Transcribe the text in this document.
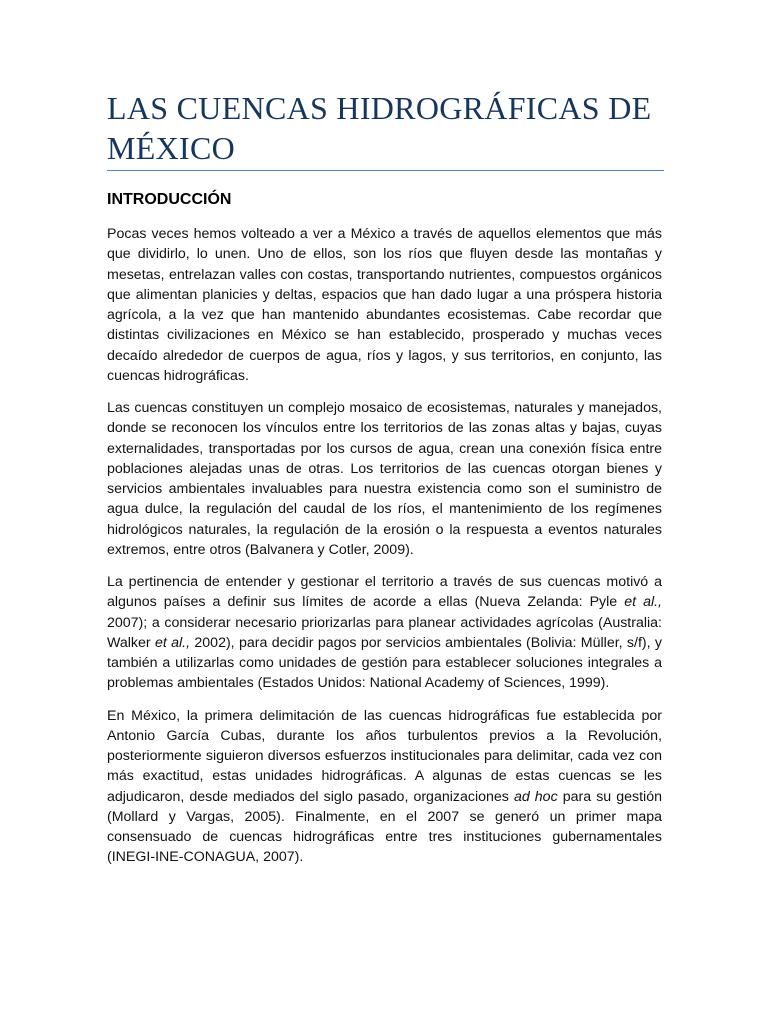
LAS CUENCAS HIDROGRÁFICAS DE MÉXICO
INTRODUCCIÓN

Pocas veces hemos volteado a ver a México a través de aquellos elementos que más que dividirlo, lo unen. Uno de ellos, son los ríos que fluyen desde las montañas y mesetas, entrelazan valles con costas, transportando nutrientes, compuestos orgánicos que alimentan planicies y deltas, espacios que han dado lugar a una próspera historia agrícola, a la vez que han mantenido abundantes ecosistemas. Cabe recordar que distintas civilizaciones en México se han establecido, prosperado y muchas veces decaído alrededor de cuerpos de agua, ríos y lagos, y sus territorios, en conjunto, las cuencas hidrográficas.

Las cuencas constituyen un complejo mosaico de ecosistemas, naturales y manejados, donde se reconocen los vínculos entre los territorios de las zonas altas y bajas, cuyas externalidades, transportadas por los cursos de agua, crean una conexión física entre poblaciones alejadas unas de otras. Los territorios de las cuencas otorgan bienes y servicios ambientales invaluables para nuestra existencia como son el suministro de agua dulce, la regulación del caudal de los ríos, el mantenimiento de los regímenes hidrológicos naturales, la regulación de la erosión o la respuesta a eventos naturales extremos, entre otros (Balvanera y Cotler, 2009).

La pertinencia de entender y gestionar el territorio a través de sus cuencas motivó a algunos países a definir sus límites de acorde a ellas (Nueva Zelanda: Pyle et al., 2007); a considerar necesario priorizarlas para planear actividades agrícolas (Australia: Walker et al., 2002), para decidir pagos por servicios ambientales (Bolivia: Müller, s/f), y también a utilizarlas como unidades de gestión para establecer soluciones integrales a problemas ambientales (Estados Unidos: National Academy of Sciences, 1999).

En México, la primera delimitación de las cuencas hidrográficas fue establecida por Antonio García Cubas, durante los años turbulentos previos a la Revolución, posteriormente siguieron diversos esfuerzos institucionales para delimitar, cada vez con más exactitud, estas unidades hidrográficas. A algunas de estas cuencas se les adjudicaron, desde mediados del siglo pasado, organizaciones ad hoc para su gestión (Mollard y Vargas, 2005). Finalmente, en el 2007 se generó un primer mapa consensuado de cuencas hidrográficas entre tres instituciones gubernamentales (INEGI-INE-CONAGUA, 2007).
